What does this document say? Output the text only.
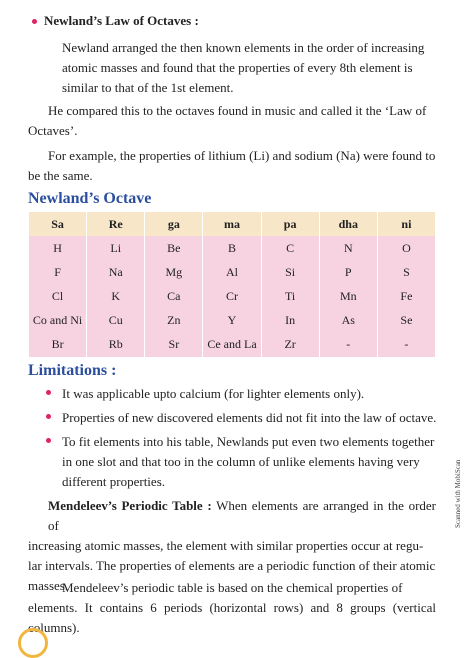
Newland’s Law of Octaves :
Newland arranged the then known elements in the order of increasing
atomic masses and found that the properties of every 8th element is
similar to that of the 1st element.
He compared this to the octaves found in music and called it the ‘Law of
Octaves’.
For example, the properties of lithium (Li) and sodium (Na) were found to
be the same.
Newland’s Octave
Sa	Re	ga	ma	pa	dha	ni
H	Li	Be	B	C	N	O
F	Na	Mg	Al	Si	P	S
Cl	K	Ca	Cr	Ti	Mn	Fe
Co and Ni	Cu	Zn	Y	In	As	Se
Br	Rb	Sr	Ce and La	Zr	-	-
Limitations :
It was applicable upto calcium (for lighter elements only).
Properties of new discovered elements did not fit into the law of octave.
To fit elements into his table, Newlands put even two elements together
in one slot and that too in the column of unlike elements having very
different properties.
Mendeleev’s Periodic Table : When elements are arranged in the order of
increasing atomic masses, the element with similar properties occur at regu-
lar intervals. The properties of elements are a periodic function of their atomic
masses.
Mendeleev’s periodic table is based on the chemical properties of
elements. It contains 6 periods (horizontal rows) and 8 groups (vertical columns).
Scanned with MobiScan
